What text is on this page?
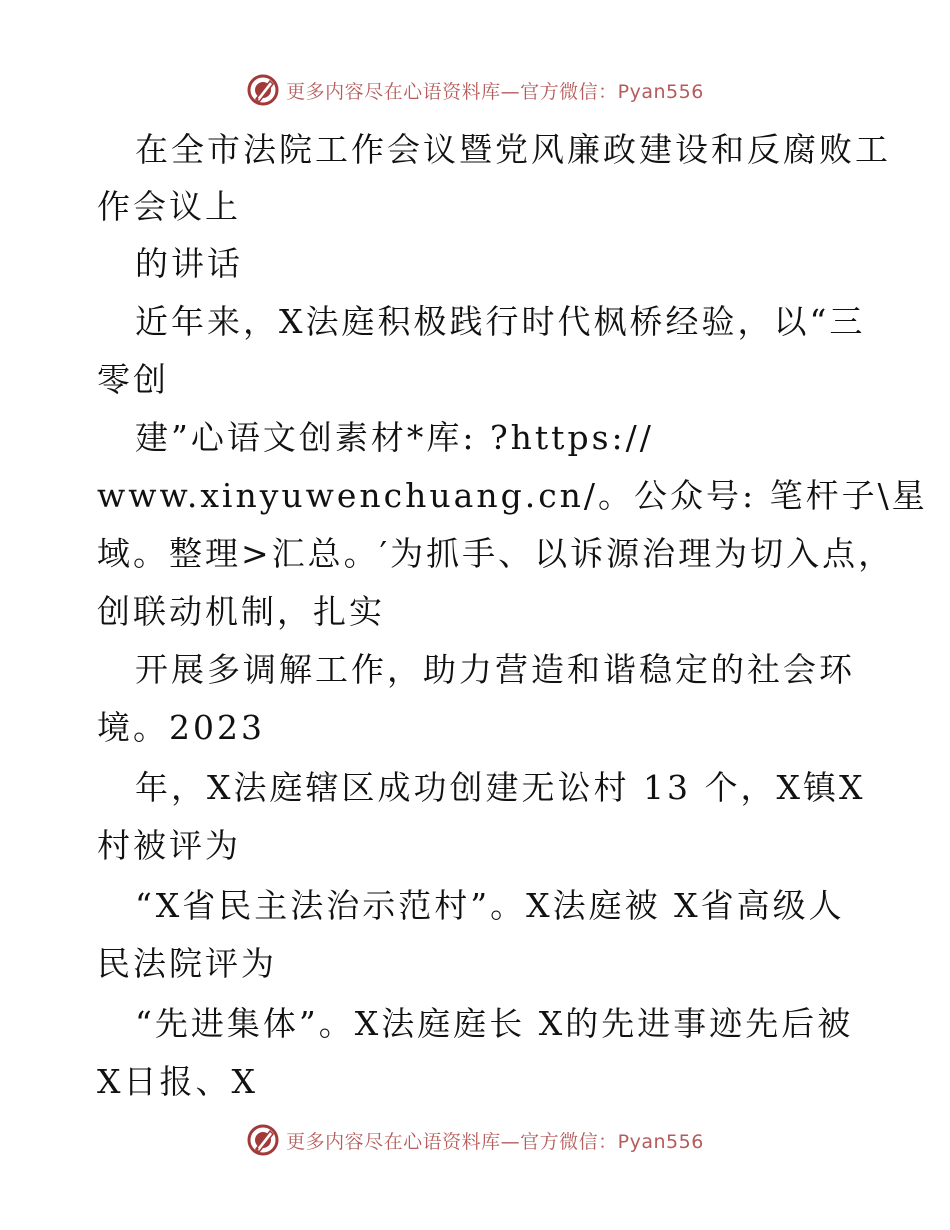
更多内容尽在心语资料库—官方微信：Pyan556
在全市法院工作会议暨党风廉政建设和反腐败工
作会议上
的讲话
近年来，X法庭积极践行时代枫桥经验，以“三
零创
建”心语文创素材*库: ?https://
www.xinyuwenchuang.cn/。公众号: 笔杆子\星
域。整理>汇总。′为抓手、以诉源治理为切入点，
创联动机制，扎实
开展多调解工作，助力营造和谐稳定的社会环
境。2023
年，X法庭辖区成功创建无讼村 13 个，X镇X
村被评为
“X省民主法治示范村”。X法庭被 X省高级人
民法院评为
“先进集体”。X法庭庭长 X的先进事迹先后被
X日报、X
更多内容尽在心语资料库—官方微信：Pyan556
